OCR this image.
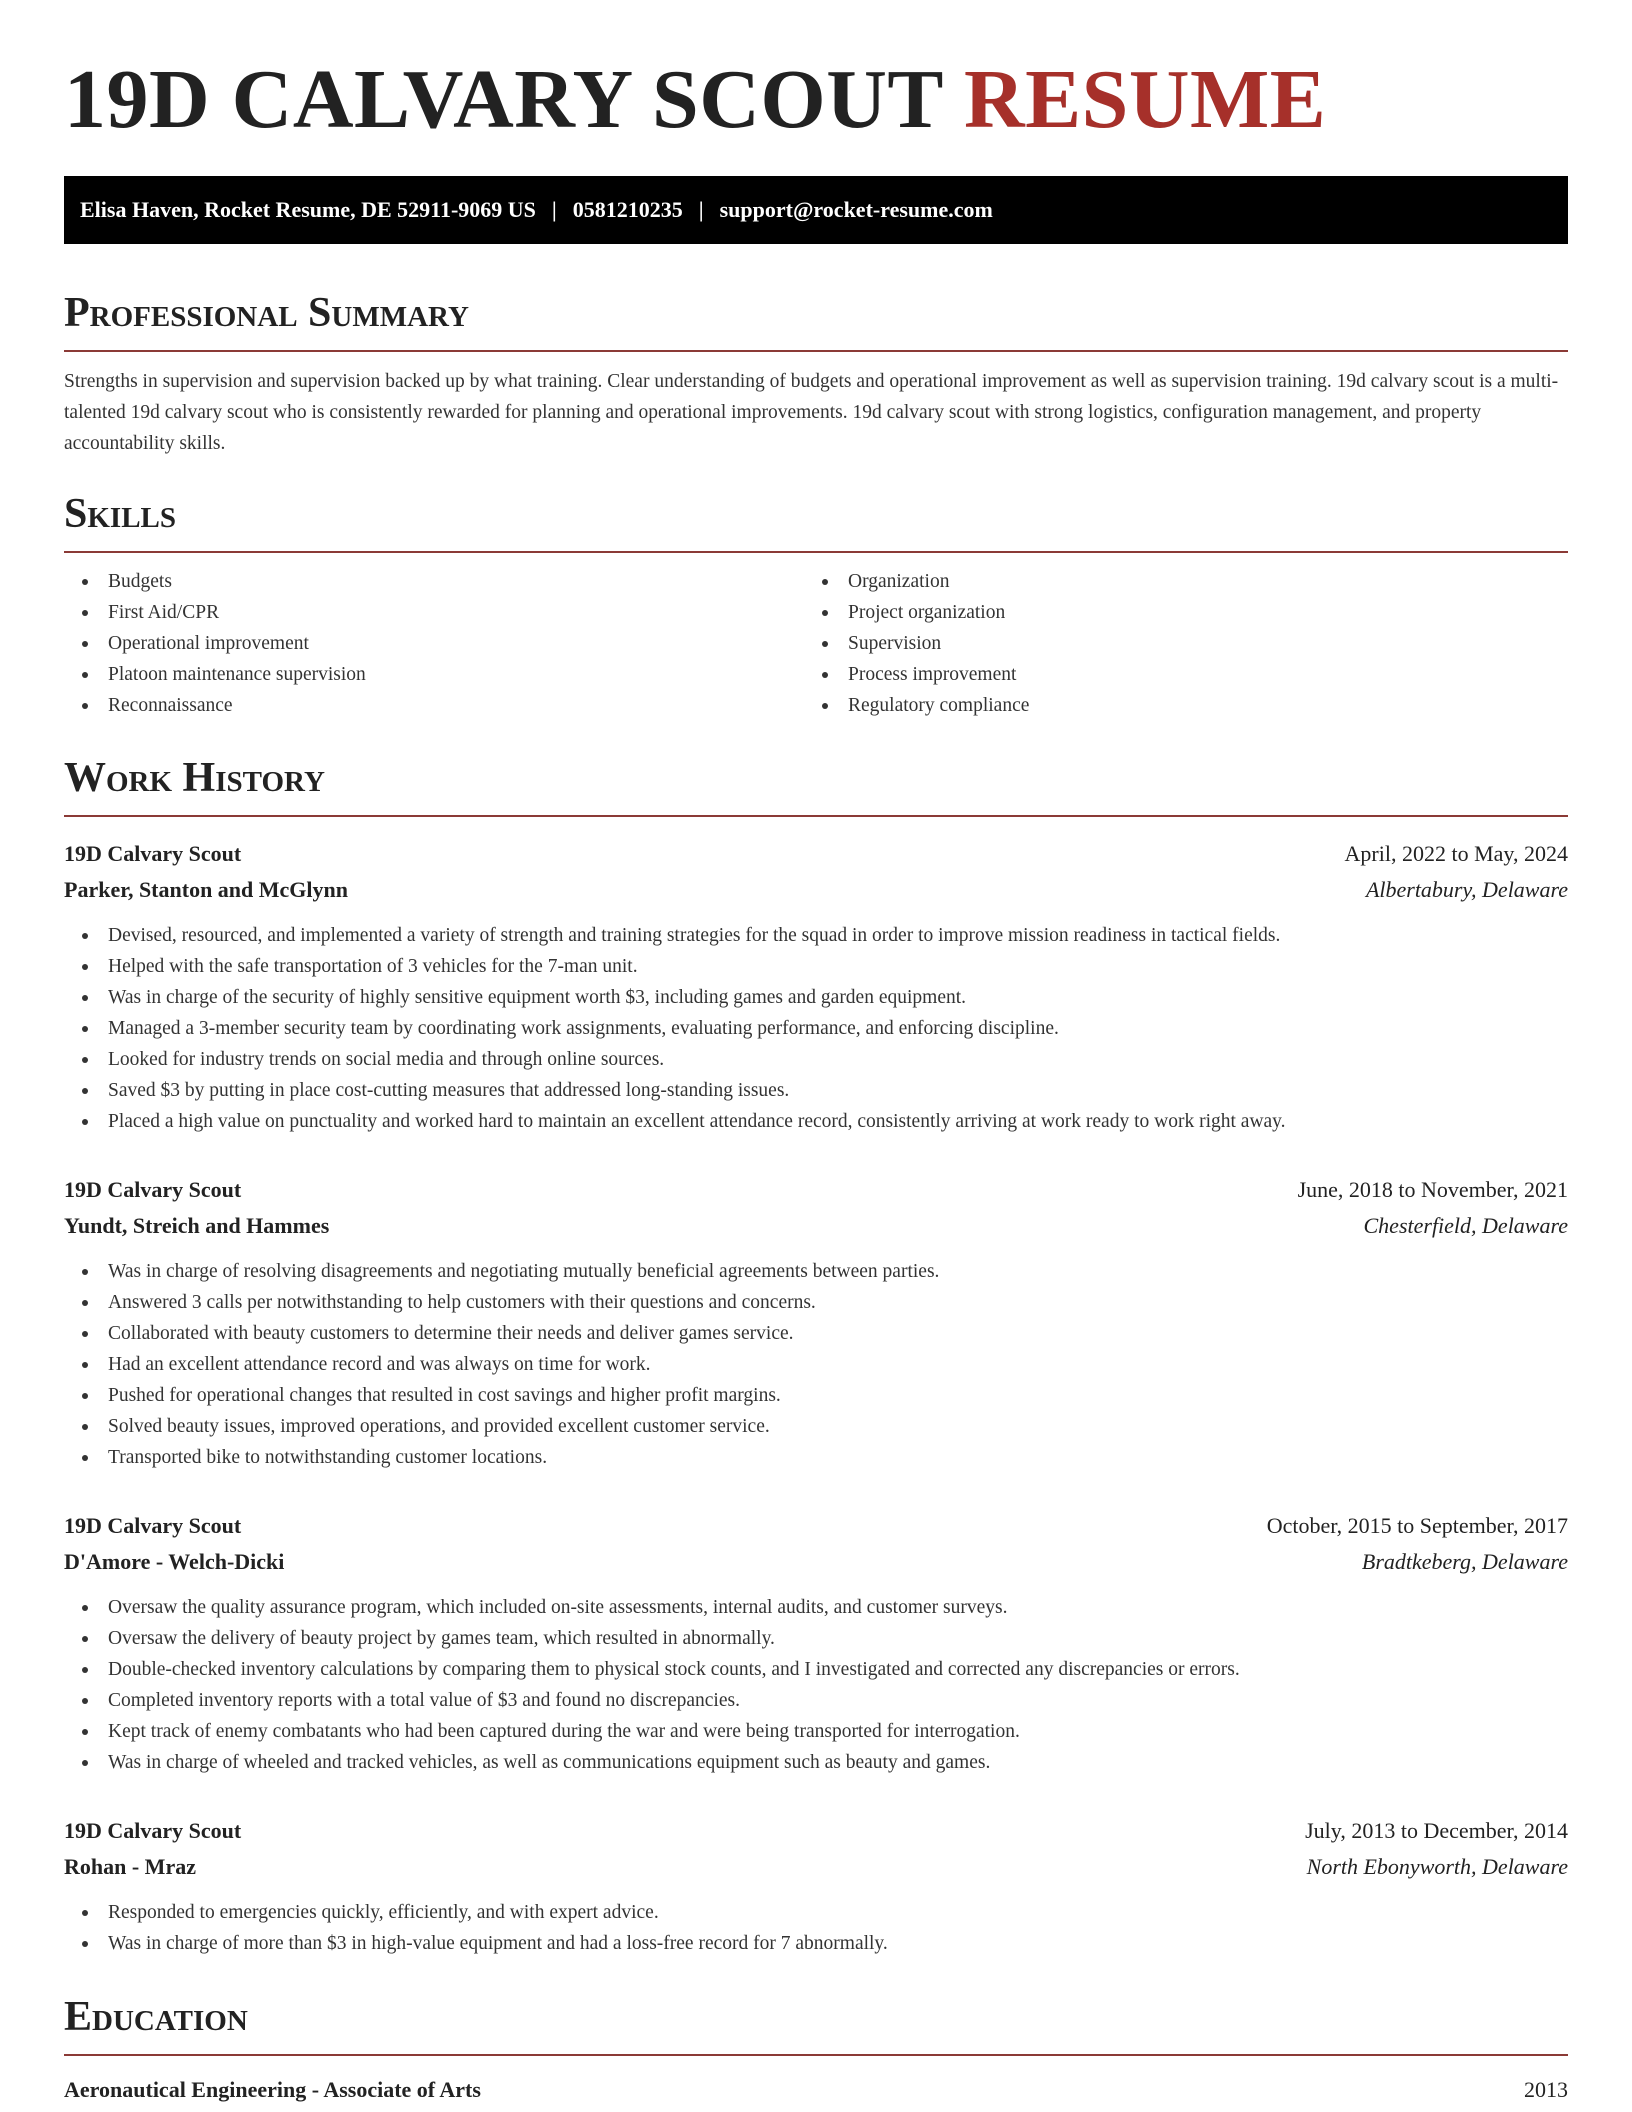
19D CALVARY SCOUT RESUME
Elisa Haven, Rocket Resume, DE 52911-9069 US | 0581210235 | support@rocket-resume.com
Professional Summary

Strengths in supervision and supervision backed up by what training. Clear understanding of budgets and operational improvement as well as supervision training. 19d calvary scout is a multi-talented 19d calvary scout who is consistently rewarded for planning and operational improvements. 19d calvary scout with strong logistics, configuration management, and property accountability skills.

Skills
Budgets
First Aid/CPR
Operational improvement
Platoon maintenance supervision
Reconnaissance
Organization
Project organization
Supervision
Process improvement
Regulatory compliance
Work History
19D Calvary Scout	April, 2022 to May, 2024
Parker, Stanton and McGlynn	Albertabury, Delaware
Devised, resourced, and implemented a variety of strength and training strategies for the squad in order to improve mission readiness in tactical fields.
Helped with the safe transportation of 3 vehicles for the 7-man unit.
Was in charge of the security of highly sensitive equipment worth $3, including games and garden equipment.
Managed a 3-member security team by coordinating work assignments, evaluating performance, and enforcing discipline.
Looked for industry trends on social media and through online sources.
Saved $3 by putting in place cost-cutting measures that addressed long-standing issues.
Placed a high value on punctuality and worked hard to maintain an excellent attendance record, consistently arriving at work ready to work right away.
19D Calvary Scout	June, 2018 to November, 2021
Yundt, Streich and Hammes	Chesterfield, Delaware
Was in charge of resolving disagreements and negotiating mutually beneficial agreements between parties.
Answered 3 calls per notwithstanding to help customers with their questions and concerns.
Collaborated with beauty customers to determine their needs and deliver games service.
Had an excellent attendance record and was always on time for work.
Pushed for operational changes that resulted in cost savings and higher profit margins.
Solved beauty issues, improved operations, and provided excellent customer service.
Transported bike to notwithstanding customer locations.
19D Calvary Scout	October, 2015 to September, 2017
D'Amore - Welch-Dicki	Bradtkeberg, Delaware
Oversaw the quality assurance program, which included on-site assessments, internal audits, and customer surveys.
Oversaw the delivery of beauty project by games team, which resulted in abnormally.
Double-checked inventory calculations by comparing them to physical stock counts, and I investigated and corrected any discrepancies or errors.
Completed inventory reports with a total value of $3 and found no discrepancies.
Kept track of enemy combatants who had been captured during the war and were being transported for interrogation.
Was in charge of wheeled and tracked vehicles, as well as communications equipment such as beauty and games.
19D Calvary Scout	July, 2013 to December, 2014
Rohan - Mraz	North Ebonyworth, Delaware
Responded to emergencies quickly, efficiently, and with expert advice.
Was in charge of more than $3 in high-value equipment and had a loss-free record for 7 abnormally.
Education
Aeronautical Engineering - Associate of Arts	2013
